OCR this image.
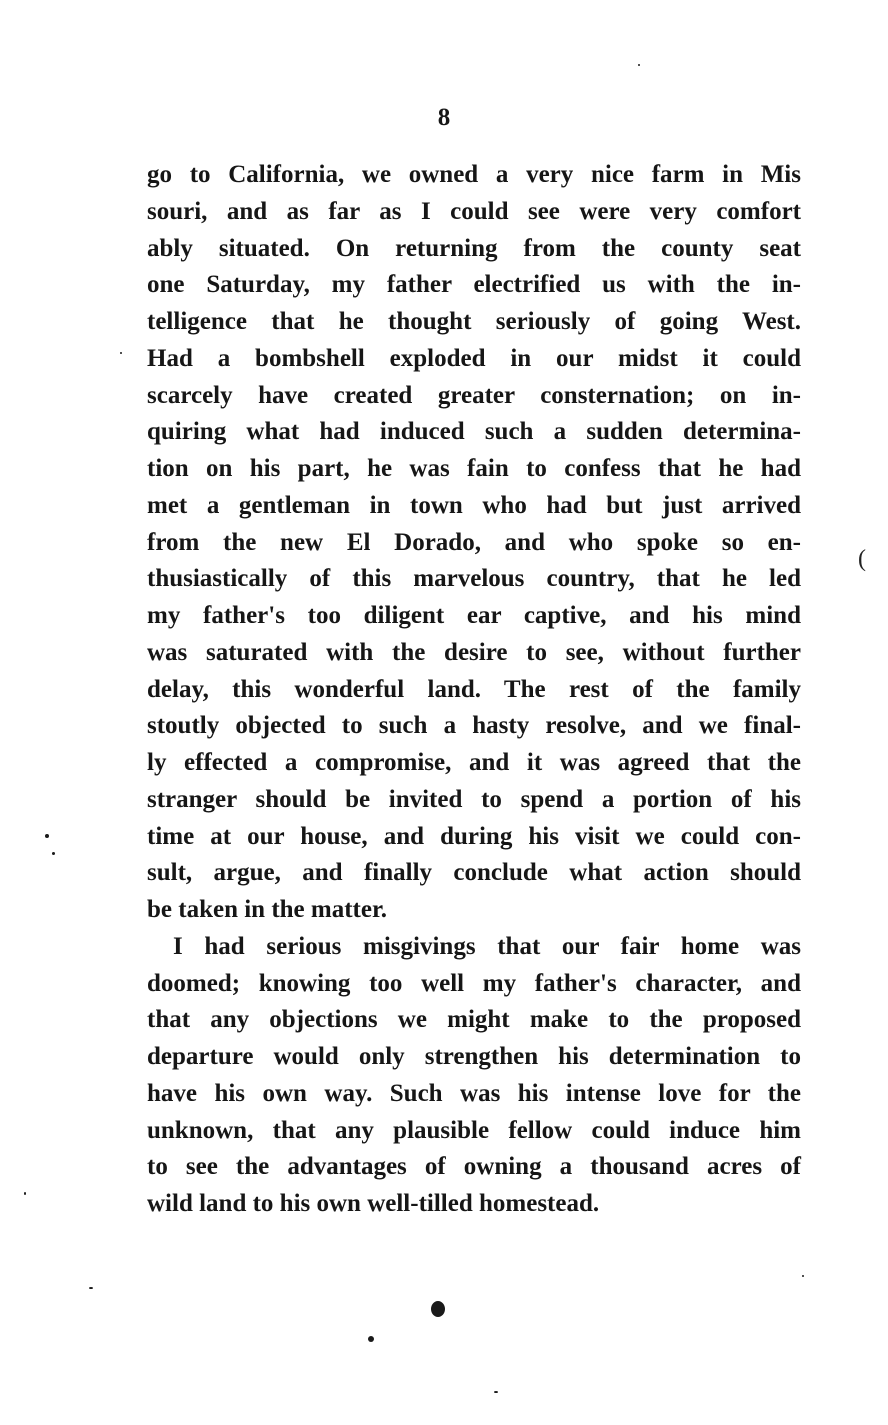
8
go to California, we owned a very nice farm in Mis
souri, and as far as I could see were very comfort
ably situated. On returning from the county seat
one Saturday, my father electrified us with the in-
telligence that he thought seriously of going West.
Had a bombshell exploded in our midst it could
scarcely have created greater consternation; on in-
quiring what had induced such a sudden determina-
tion on his part, he was fain to confess that he had
met a gentleman in town who had but just arrived
from the new El Dorado, and who spoke so en-
thusiastically of this marvelous country, that he led
my father's too diligent ear captive, and his mind
was saturated with the desire to see, without further
delay, this wonderful land. The rest of the family
stoutly objected to such a hasty resolve, and we final-
ly effected a compromise, and it was agreed that the
stranger should be invited to spend a portion of his
time at our house, and during his visit we could con-
sult, argue, and finally conclude what action should
be taken in the matter.
I had serious misgivings that our fair home was
doomed; knowing too well my father's character, and
that any objections we might make to the proposed
departure would only strengthen his determination to
have his own way. Such was his intense love for the
unknown, that any plausible fellow could induce him
to see the advantages of owning a thousand acres of
wild land to his own well-tilled homestead.
(
